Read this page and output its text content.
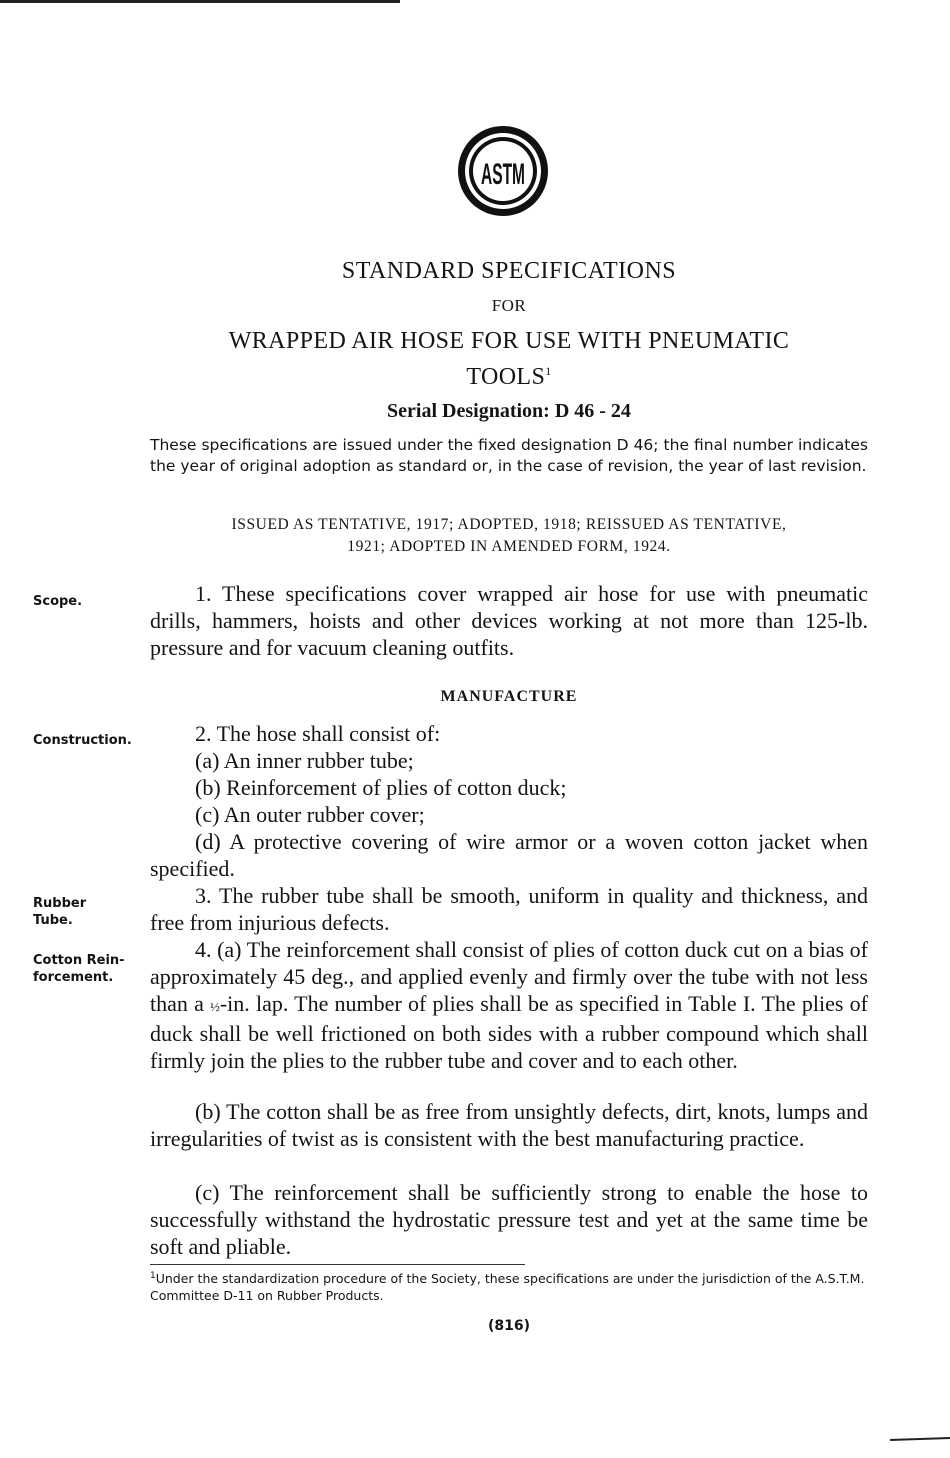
ASTM
STANDARD SPECIFICATIONS
FOR
WRAPPED AIR HOSE FOR USE WITH PNEUMATIC
TOOLS$^1$
Serial Designation: D 46 - 24
These specifications are issued under the fixed designation D 46; the final number indicates the year of original adoption as standard or, in the case of revision, the year of last revision.
ISSUED AS TENTATIVE, 1917; ADOPTED, 1918; REISSUED AS TENTATIVE,
1921; ADOPTED IN AMENDED FORM, 1924.
Scope.
Construction.
Rubber
Tube.
Cotton Rein-
forcement.
1. These specifications cover wrapped air hose for use with pneumatic drills, hammers, hoists and other devices working at not more than 125-lb. pressure and for vacuum cleaning outfits.
MANUFACTURE
2. The hose shall consist of:
(a) An inner rubber tube;
(b) Reinforcement of plies of cotton duck;
(c) An outer rubber cover;
(d) A protective covering of wire armor or a woven cotton jacket when specified.
3. The rubber tube shall be smooth, uniform in quality and thickness, and free from injurious defects.
4. (a) The reinforcement shall consist of plies of cotton duck cut on a bias of approximately 45 deg., and applied evenly and firmly over the tube with not less than a ½-in. lap. The number of plies shall be as specified in Table I. The plies of duck shall be well frictioned on both sides with a rubber compound which shall firmly join the plies to the rubber tube and cover and to each other.
(b) The cotton shall be as free from unsightly defects, dirt, knots, lumps and irregularities of twist as is consistent with the best manufacturing practice.
(c) The reinforcement shall be sufficiently strong to enable the hose to successfully withstand the hydrostatic pressure test and yet at the same time be soft and pliable.
$^1$Under the standardization procedure of the Society, these specifications are under the jurisdiction of the A.S.T.M. Committee D-11 on Rubber Products.
(816)
